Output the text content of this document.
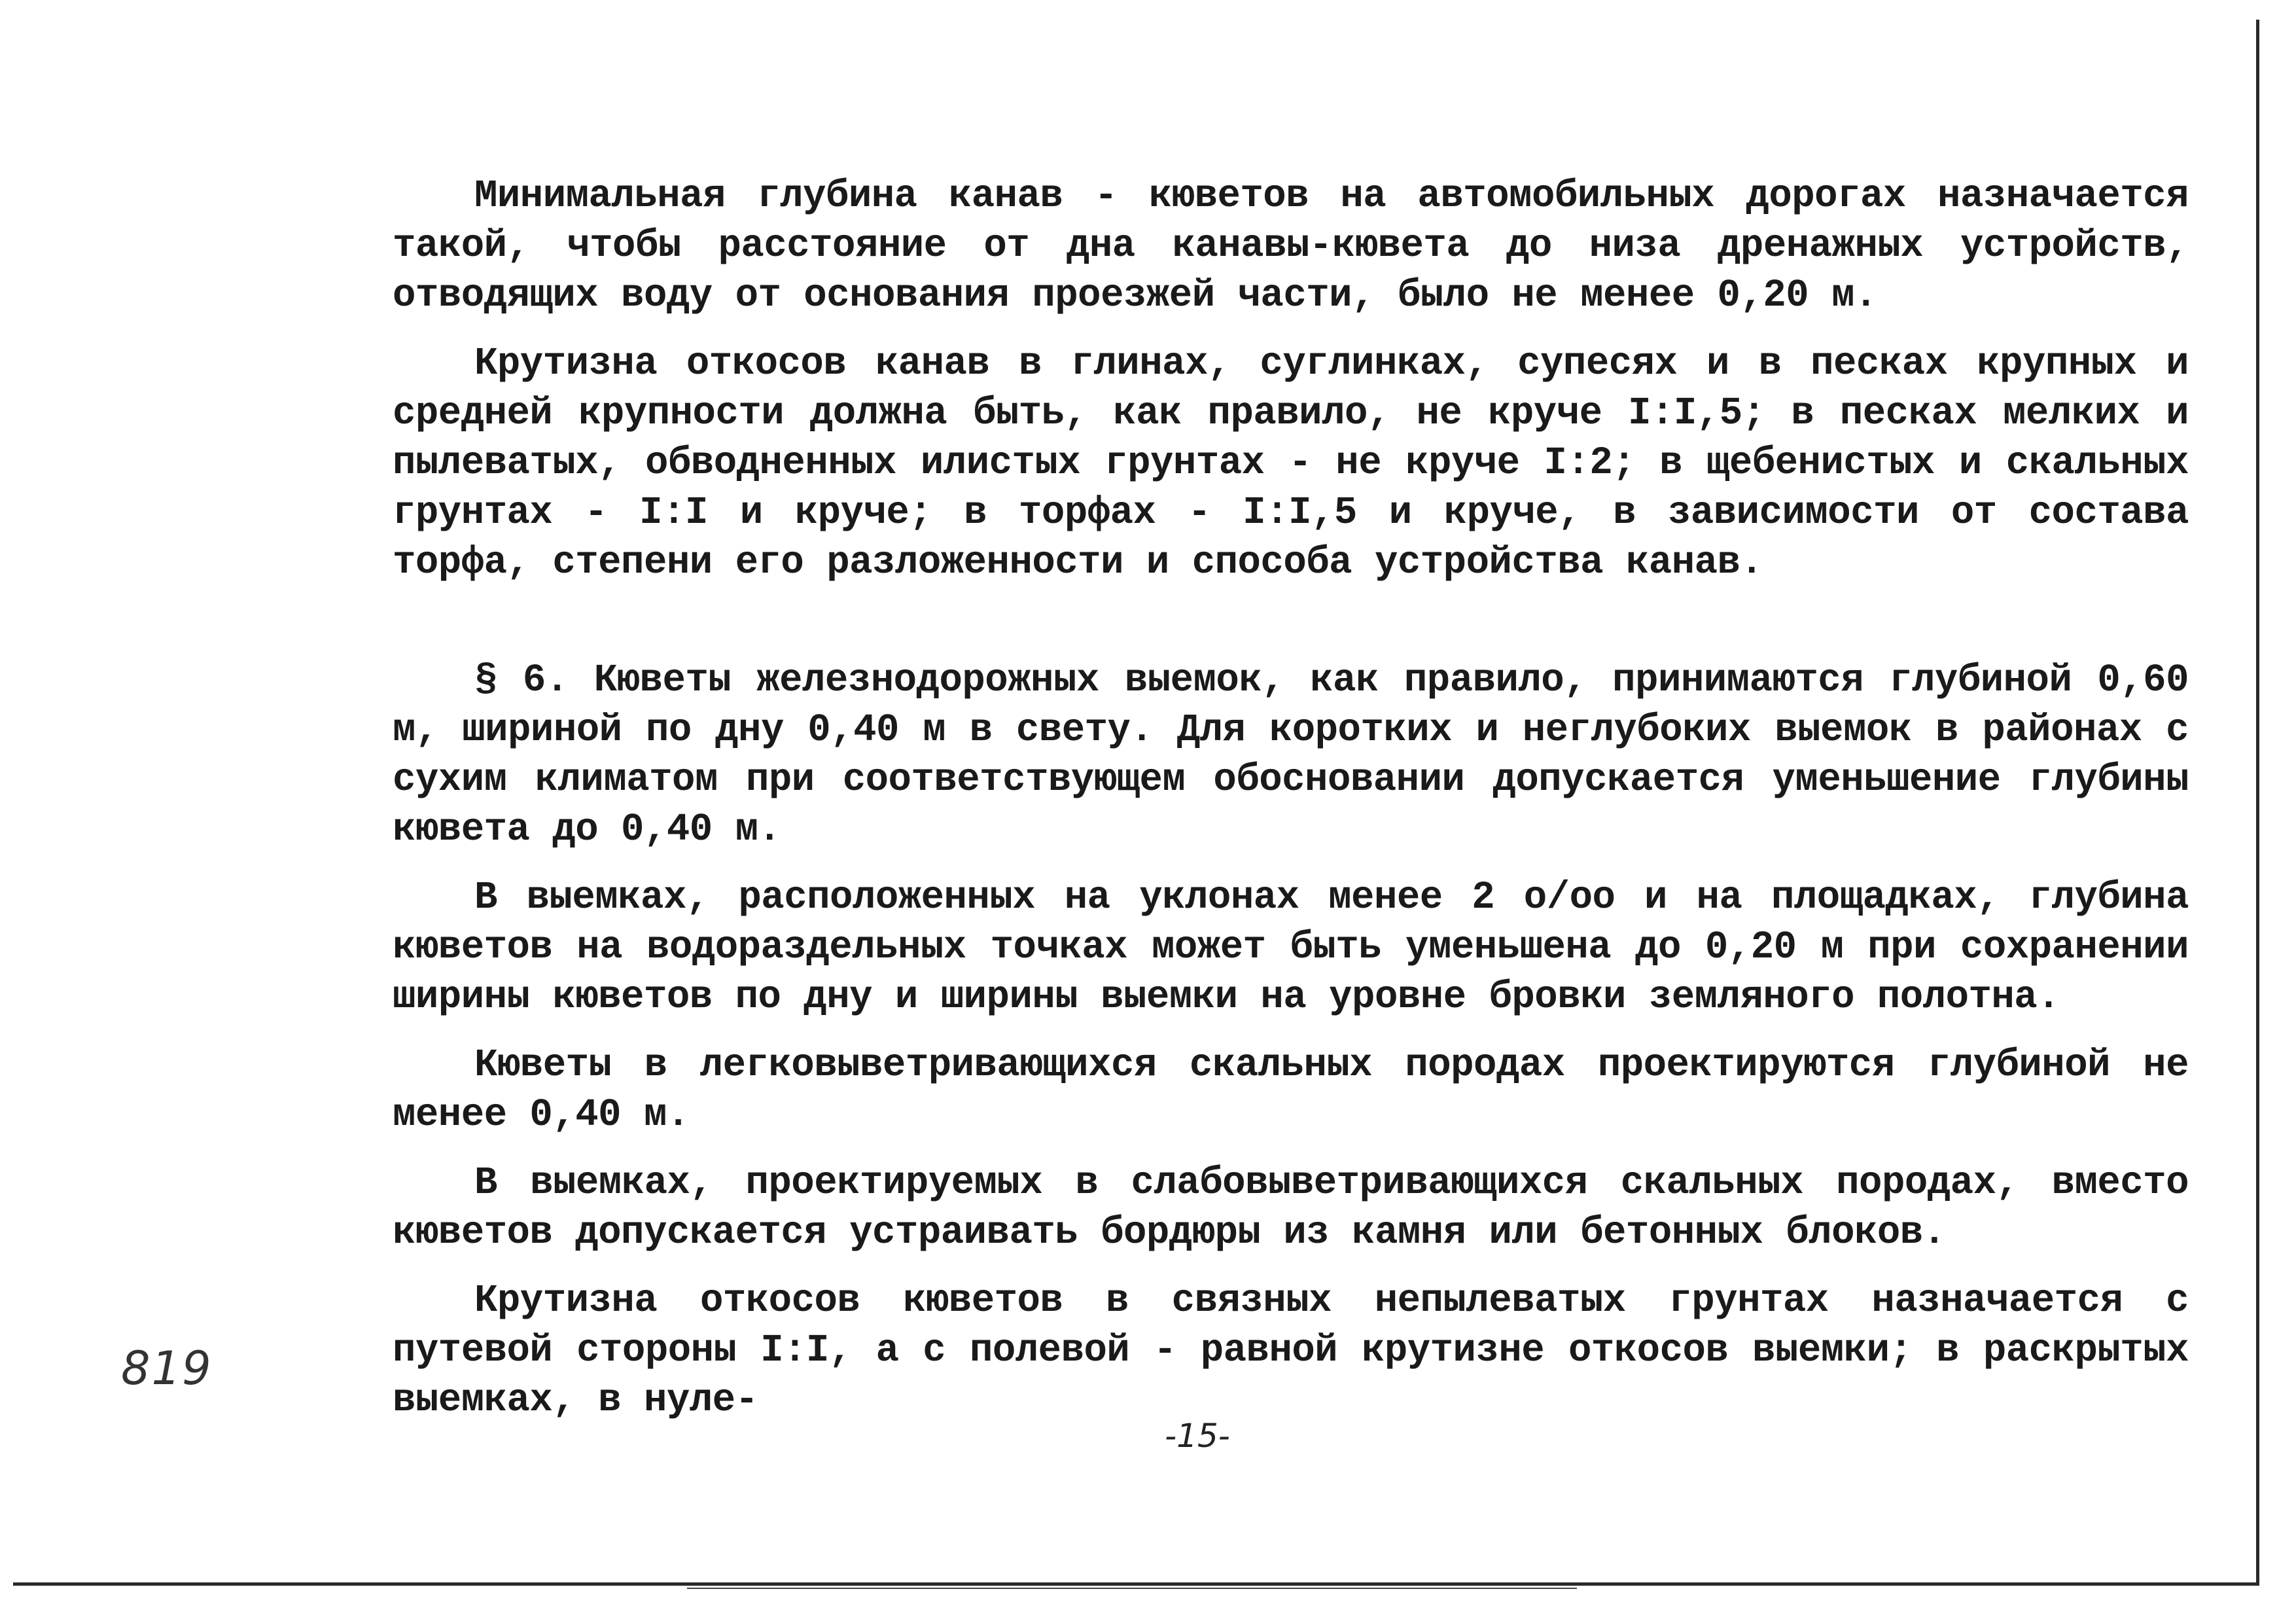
Минимальная глубина канав - кюветов на автомобильных дорогах назначается такой, чтобы расстояние от дна канавы-кювета до низа дренажных устройств, отводящих воду от основания проезжей части, было не менее 0,20 м.

Крутизна откосов канав в глинах, суглинках, супесях и в песках крупных и средней крупности должна быть, как правило, не круче I:I,5; в песках мелких и пылеватых, обводненных илистых грунтах - не круче I:2; в щебенистых и скальных грунтах - I:I и круче; в торфах - I:I,5 и круче, в зависимости от состава торфа, степени его разложенности и способа устройства канав.

§ 6. Кюветы железнодорожных выемок, как правило, принимаются глубиной 0,60 м, шириной по дну 0,40 м в свету. Для коротких и неглубоких выемок в районах с сухим климатом при соответствующем обосновании допускается уменьшение глубины кювета до 0,40 м.

В выемках, расположенных на уклонах менее 2 о/оо и на площадках, глубина кюветов на водораздельных точках может быть уменьшена до 0,20 м при сохранении ширины кюветов по дну и ширины выемки на уровне бровки земляного полотна.

Кюветы в легковыветривающихся скальных породах проектируются глубиной не менее 0,40 м.

В выемках, проектируемых в слабовыветривающихся скальных породах, вместо кюветов допускается устраивать бордюры из камня или бетонных блоков.

Крутизна откосов кюветов в связных непылеватых грунтах назначается с путевой стороны I:I, а с полевой - равной крутизне откосов выемки; в раскрытых выемках, в нуле-

819
-15-
